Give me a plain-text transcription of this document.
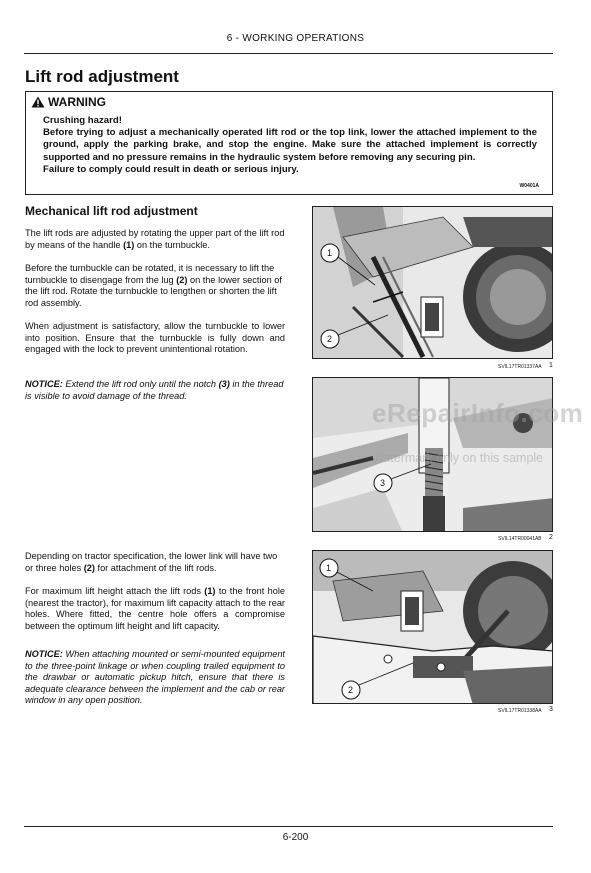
6 - WORKING OPERATIONS
Lift rod adjustment
WARNING

Crushing hazard!

Before trying to adjust a mechanically operated lift rod or the top link, lower the attached implement to the ground, apply the parking brake, and stop the engine. Make sure the attached implement is correctly supported and no pressure remains in the hydraulic system before removing any securing pin.

Failure to comply could result in death or serious injury.

W0401A
Mechanical lift rod adjustment

The lift rods are adjusted by rotating the upper part of the lift rod by means of the handle (1) on the turnbuckle.

Before the turnbuckle can be rotated, it is necessary to lift the turnbuckle to disengage from the lug (2) on the lower section of the lift rod. Rotate the turnbuckle to lengthen or shorten the lift rod assembly.

When adjustment is satisfactory, allow the turnbuckle to lower into position. Ensure that the turnbuckle is fully down and engaged with the lock to prevent unintentional rotation.

NOTICE: Extend the lift rod only until the notch (3) in the thread is visible to avoid damage of the thread.

Depending on tractor specification, the lower link will have two or three holes (2) for attachment of the lift rods.

For maximum lift height attach the lift rods (1) to the front hole (nearest the tractor), for maximum lift capacity attach to the rear holes. Where fitted, the centre hole offers a compromise between the optimum lift height and lift capacity.

NOTICE: When attaching mounted or semi-mounted equipment to the three-point linkage or when coupling trailed equipment to the drawbar or automatic pickup hitch, ensure that there is adequate clearance between the implement and the cab or rear window in any open position.

1
2
SVIL17TR01337AA 1
3
SVIL14TR00041AB 2
1
2
SVIL17TR01338AA 3
eRepairInfo.com
Watermark only on this sample
6-200
